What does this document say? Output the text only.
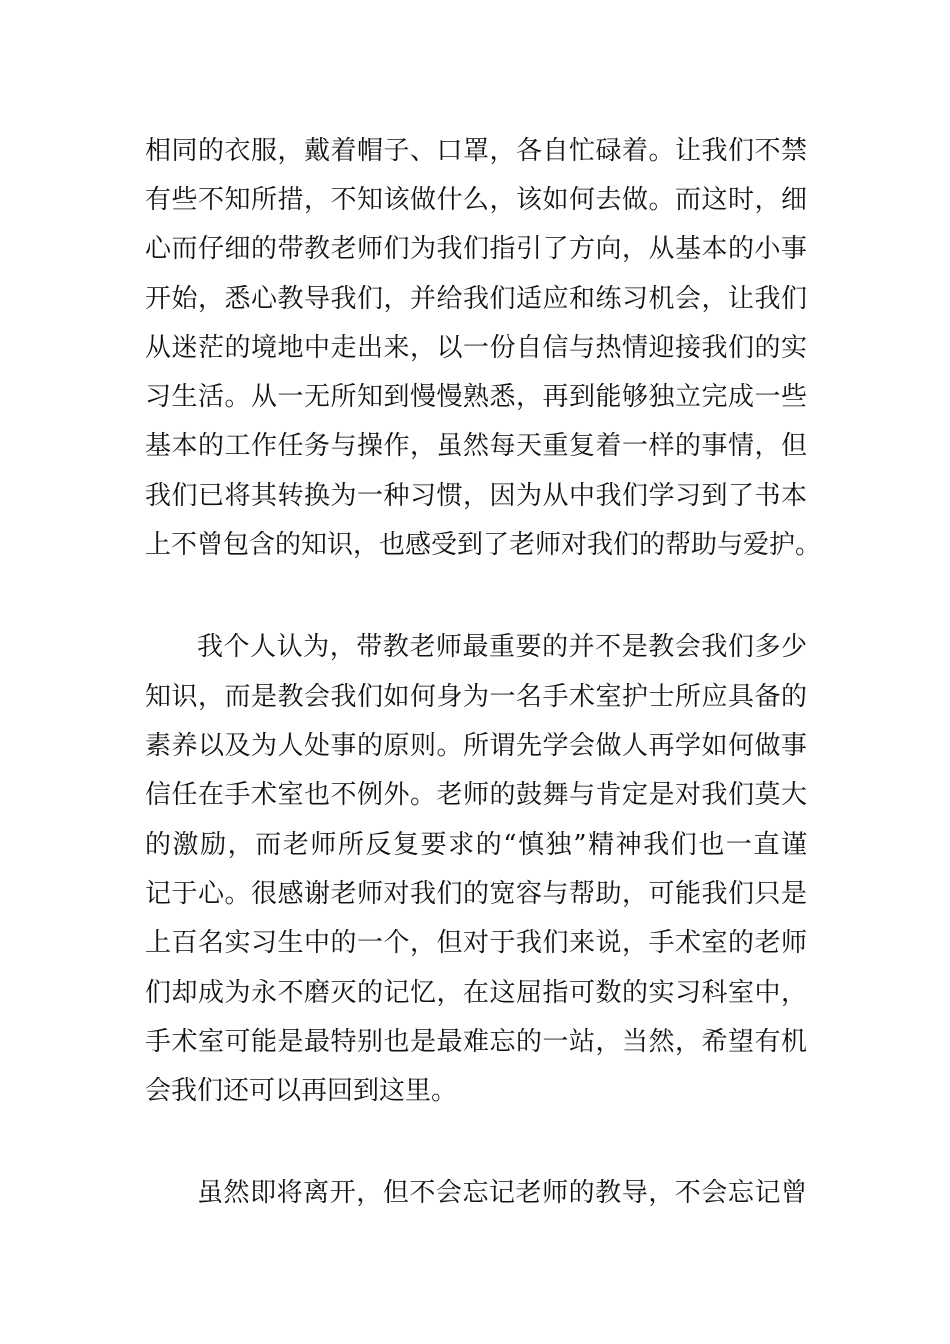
相同的衣服，戴着帽子、口罩，各自忙碌着。让我们不禁
有些不知所措，不知该做什么，该如何去做。而这时，细
心而仔细的带教老师们为我们指引了方向，从基本的小事
开始，悉心教导我们，并给我们适应和练习机会，让我们
从迷茫的境地中走出来，以一份自信与热情迎接我们的实
习生活。从一无所知到慢慢熟悉，再到能够独立完成一些
基本的工作任务与操作，虽然每天重复着一样的事情，但
我们已将其转换为一种习惯，因为从中我们学习到了书本
上不曾包含的知识，也感受到了老师对我们的帮助与爱护。
我个人认为，带教老师最重要的并不是教会我们多少
知识，而是教会我们如何身为一名手术室护士所应具备的
素养以及为人处事的原则。所谓先学会做人再学如何做事
信任在手术室也不例外。老师的鼓舞与肯定是对我们莫大
的激励，而老师所反复要求的“慎独”精神我们也一直谨
记于心。很感谢老师对我们的宽容与帮助，可能我们只是
上百名实习生中的一个，但对于我们来说，手术室的老师
们却成为永不磨灭的记忆，在这屈指可数的实习科室中，
手术室可能是最特别也是最难忘的一站，当然，希望有机
会我们还可以再回到这里。
虽然即将离开，但不会忘记老师的教导，不会忘记曾
